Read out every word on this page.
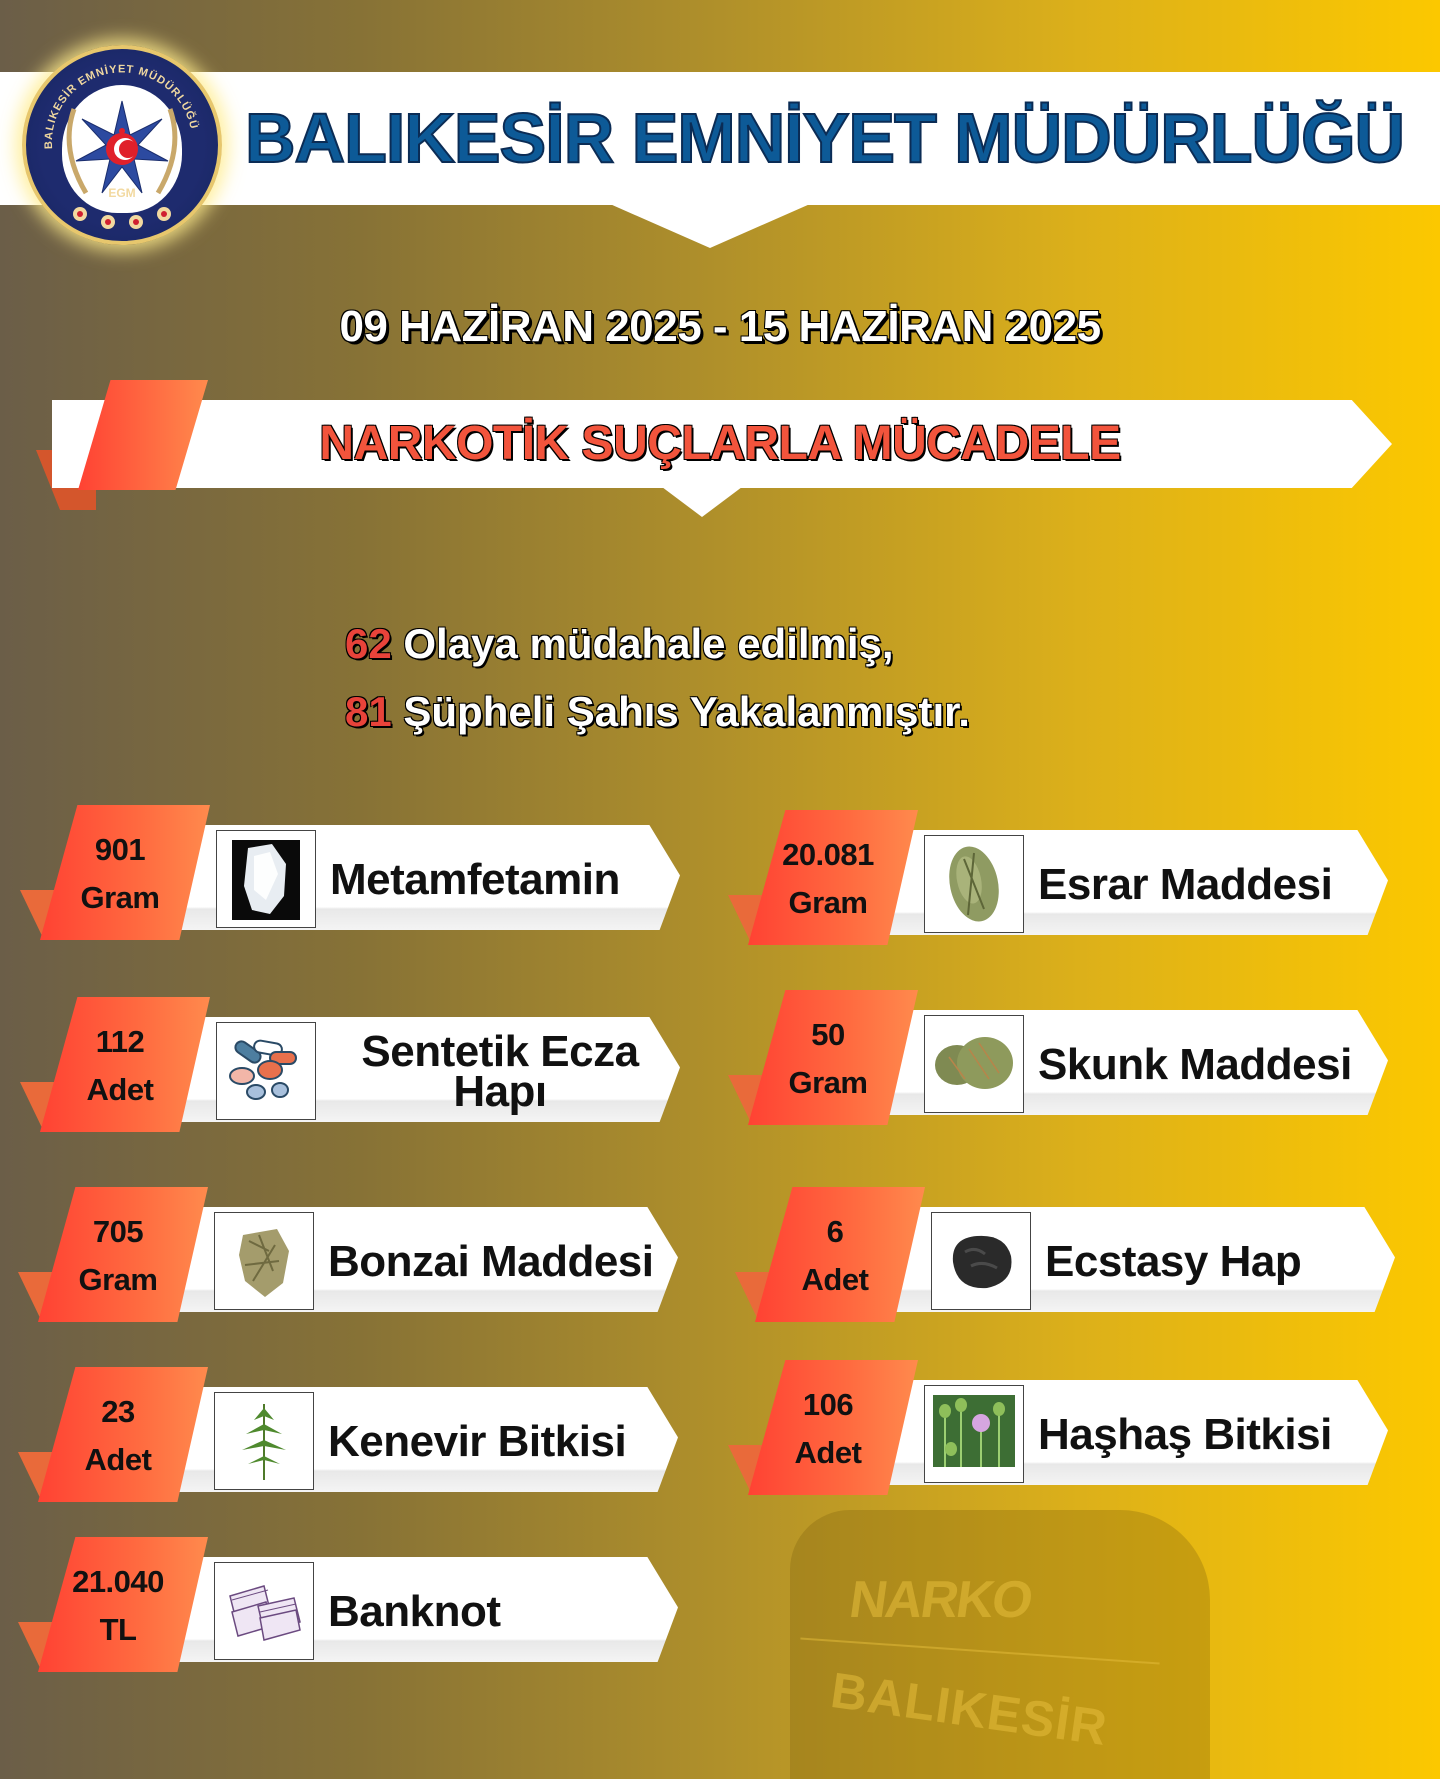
NARKO
BALIKESİR
BALIKESİR EMNİYET MÜDÜRLÜĞÜ
BALIKESİR EMNİYET MÜDÜRLÜĞÜ
EGM
09 HAZİRAN 2025 - 15 HAZİRAN 2025
NARKOTİK SUÇLARLA MÜCADELE
62 Olaya müdahale edilmiş,
81 Şüpheli Şahıs Yakalanmıştır.
901
Gram	Metamfetamin
20.081
Gram	Esrar Maddesi
112
Adet
Sentetik Ecza Hapı
50
Gram	Skunk Maddesi
705
Gram	Bonzai Maddesi
6
Adet	Ecstasy Hap
23
Adet	Kenevir Bitkisi
106
Adet	Haşhaş Bitkisi
21.040
TL	Banknot
